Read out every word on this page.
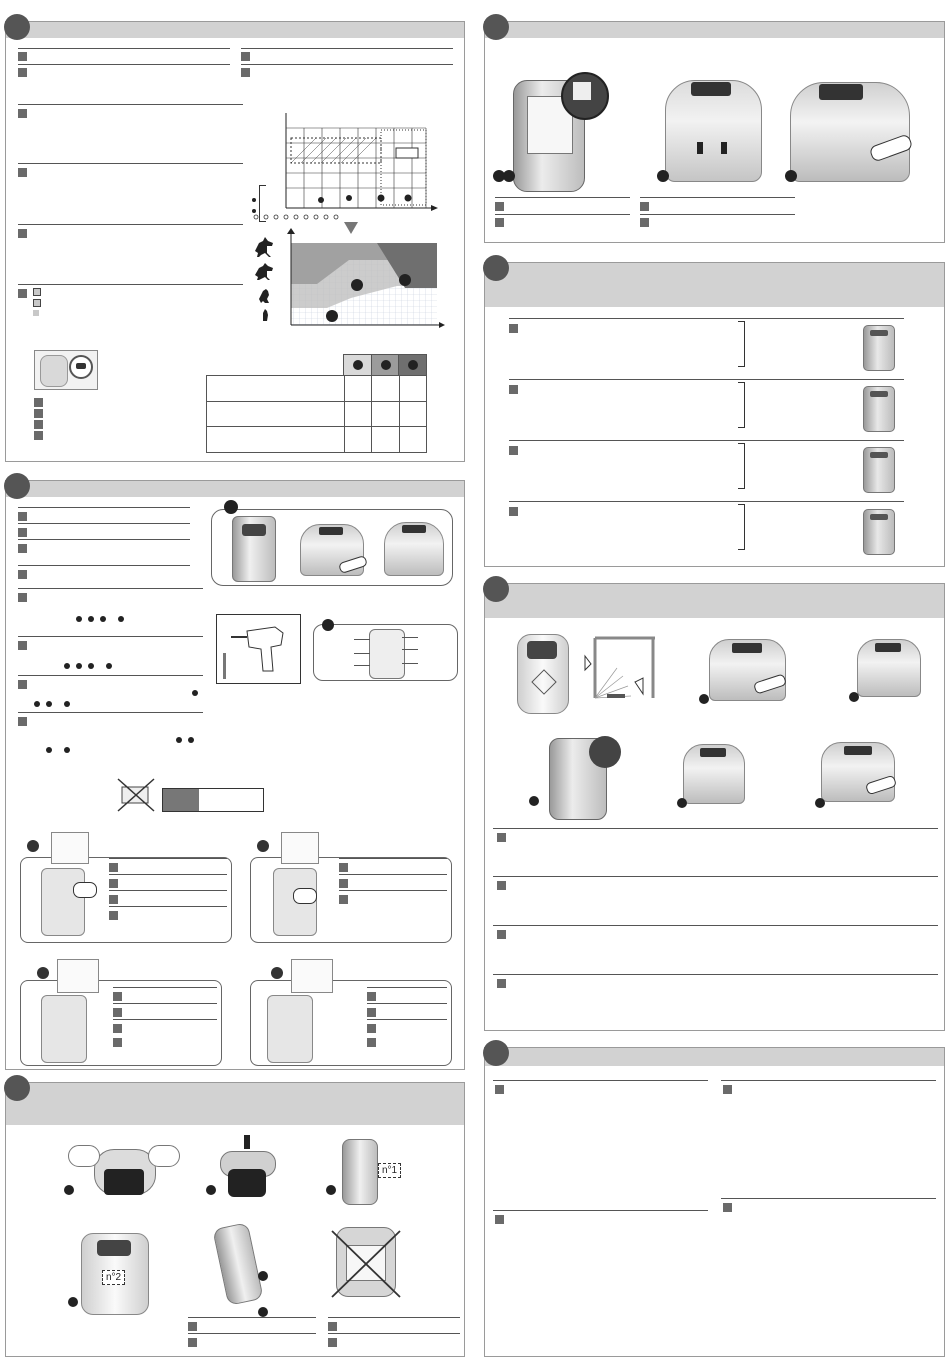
n°1
n°2
